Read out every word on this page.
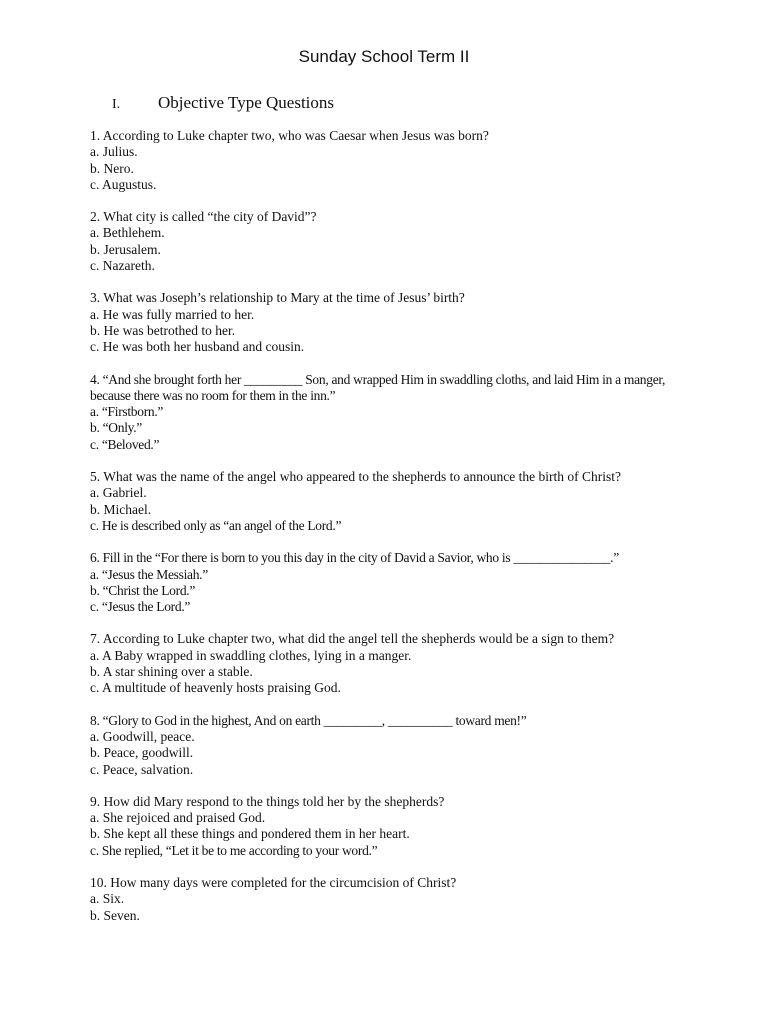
Sunday School Term II
I. Objective Type Questions
1. According to Luke chapter two, who was Caesar when Jesus was born?
a. Julius.
b. Nero.
c. Augustus.
2. What city is called “the city of David”?
a. Bethlehem.
b. Jerusalem.
c. Nazareth.
3. What was Joseph’s relationship to Mary at the time of Jesus’ birth?
a. He was fully married to her.
b. He was betrothed to her.
c. He was both her husband and cousin.
4. “And she brought forth her _________ Son, and wrapped Him in swaddling cloths, and laid Him in a manger, because there was no room for them in the inn.”
a. “Firstborn.”
b. “Only.”
c. “Beloved.”
5. What was the name of the angel who appeared to the shepherds to announce the birth of Christ?
a. Gabriel.
b. Michael.
c. He is described only as “an angel of the Lord.”
6. Fill in the “For there is born to you this day in the city of David a Savior, who is _______________.”
a. “Jesus the Messiah.”
b. “Christ the Lord.”
c. “Jesus the Lord.”
7. According to Luke chapter two, what did the angel tell the shepherds would be a sign to them?
a. A Baby wrapped in swaddling clothes, lying in a manger.
b. A star shining over a stable.
c. A multitude of heavenly hosts praising God.
8. “Glory to God in the highest, And on earth _________, __________ toward men!”
a. Goodwill, peace.
b. Peace, goodwill.
c. Peace, salvation.
9. How did Mary respond to the things told her by the shepherds?
a. She rejoiced and praised God.
b. She kept all these things and pondered them in her heart.
c. She replied, “Let it be to me according to your word.”
10. How many days were completed for the circumcision of Christ?
a. Six.
b. Seven.
